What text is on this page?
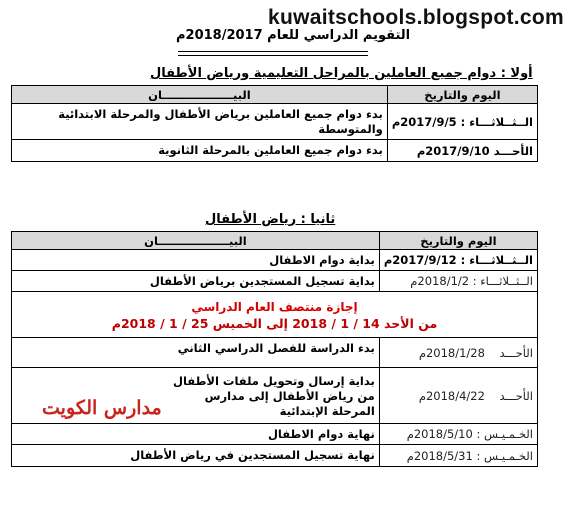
kuwaitschools.blogspot.com
التقويم الدراسي للعام 2018/2017م
أولا : دوام جميع العاملين بالمراحل التعليمية ورياض الأطفال
اليوم والتاريخ	البيــــــــــــــــــان
الــثــلاثـــاء : 2017/9/5م	بدء دوام جميع العاملين برياض الأطفال والمرحلة الابتدائية والمتوسطة
الأحـــد 2017/9/10م	بدء دوام جميع العاملين بالمرحلة الثانوية
ثانيا : رياض الأطفال
اليوم والتاريخ	البيــــــــــــــــــان
الــثــلاثـــاء : 2017/9/12م	بداية دوام الاطفال
الــثــلاثـــاء : 2018/1/2م	بداية تسجيل المستجدين برياض الأطفال

إجازة منتصف العام الدراسي
من الأحد 14 / 1 / 2018 إلى الخميس 25 / 1 / 2018م	

الأحـــد    2018/1/28م	بدء الدراسة للفصل الدراسي الثاني
الأحـــد    2018/4/22م	بداية إرسال وتحويل ملفات الأطفال من رياض الأطفال إلى مدارس المرحلة الإبتدائية
الخـمـيـس : 2018/5/10م	نهاية دوام الاطفال
الخـمـيـس : 2018/5/31م	نهاية تسجيل المستجدين في رياض الأطفال
مدارس الكويت
